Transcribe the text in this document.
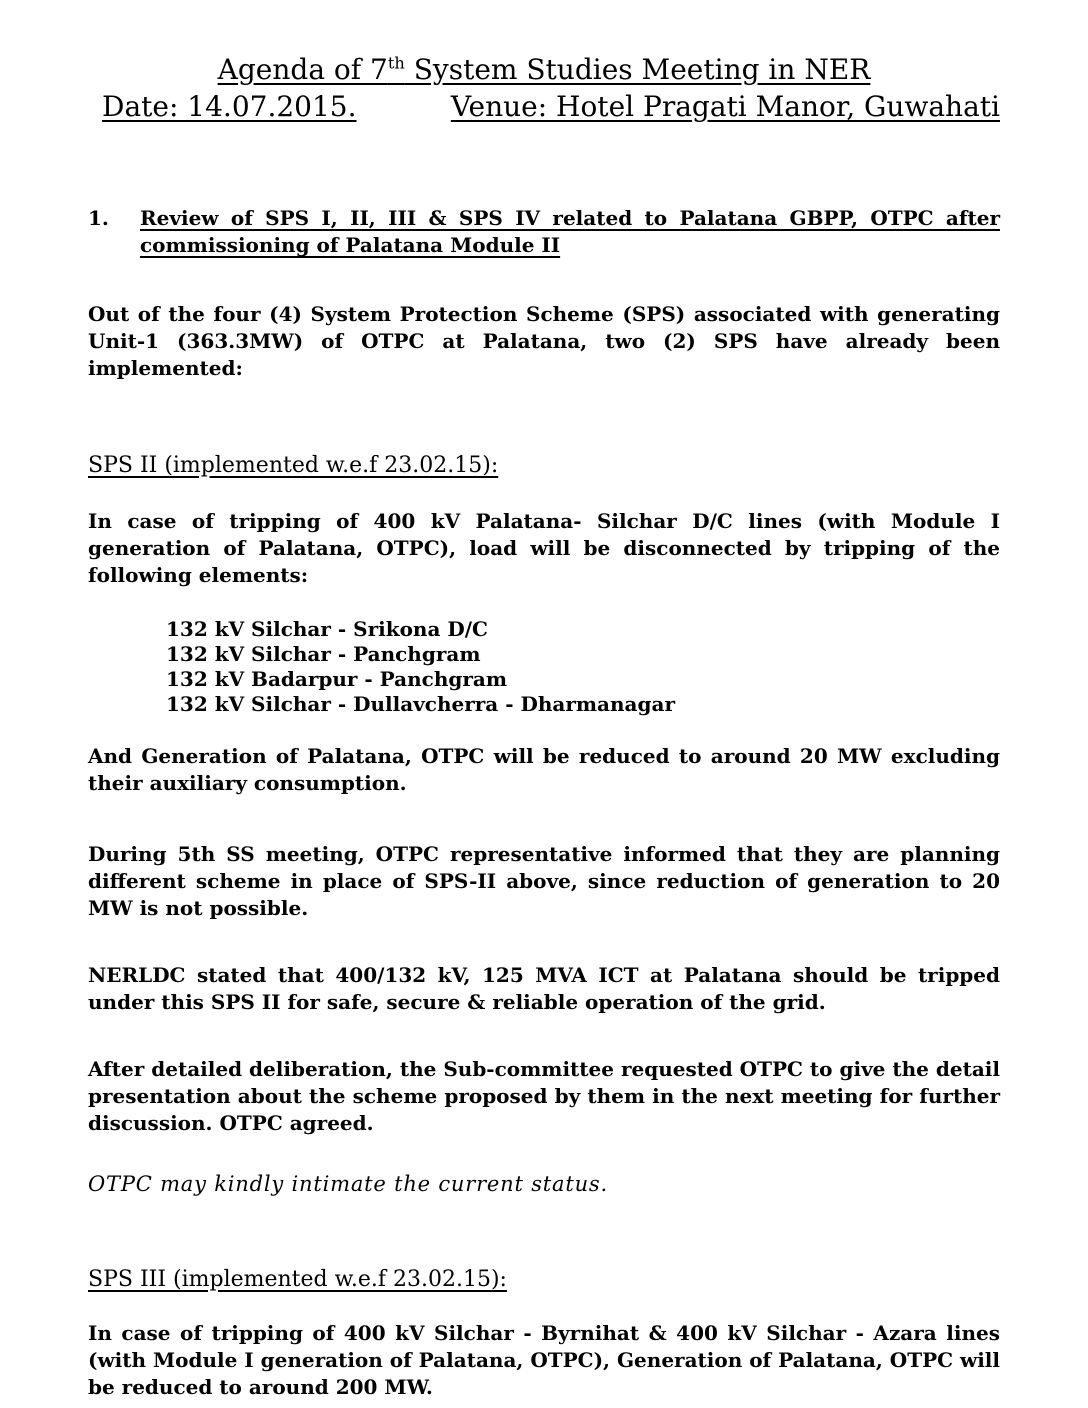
Agenda of 7th System Studies Meeting in NER
Date: 14.07.2015.	Venue: Hotel Pragati Manor, Guwahati
1.	Review of SPS I, II, III & SPS IV related to Palatana GBPP, OTPC after commissioning of Palatana Module II

Out of the four (4) System Protection Scheme (SPS) associated with generating Unit-1 (363.3MW) of OTPC at Palatana, two (2) SPS have already been implemented:

SPS II (implemented w.e.f 23.02.15):

In case of tripping of 400 kV Palatana- Silchar D/C lines (with Module I generation of Palatana, OTPC), load will be disconnected by tripping of the following elements:

132 kV Silchar - Srikona D/C
132 kV Silchar - Panchgram
132 kV Badarpur - Panchgram
132 kV Silchar - Dullavcherra - Dharmanagar

And Generation of Palatana, OTPC will be reduced to around 20 MW excluding their auxiliary consumption.

During 5th SS meeting, OTPC representative informed that they are planning different scheme in place of SPS-II above, since reduction of generation to 20 MW is not possible.

NERLDC stated that 400/132 kV, 125 MVA ICT at Palatana should be tripped under this SPS II for safe, secure & reliable operation of the grid.

After detailed deliberation, the Sub-committee requested OTPC to give the detail presentation about the scheme proposed by them in the next meeting for further discussion. OTPC agreed.

OTPC may kindly intimate the current status.

SPS III (implemented w.e.f 23.02.15):

In case of tripping of 400 kV Silchar - Byrnihat & 400 kV Silchar - Azara lines (with Module I generation of Palatana, OTPC), Generation of Palatana, OTPC will be reduced to around 200 MW.
